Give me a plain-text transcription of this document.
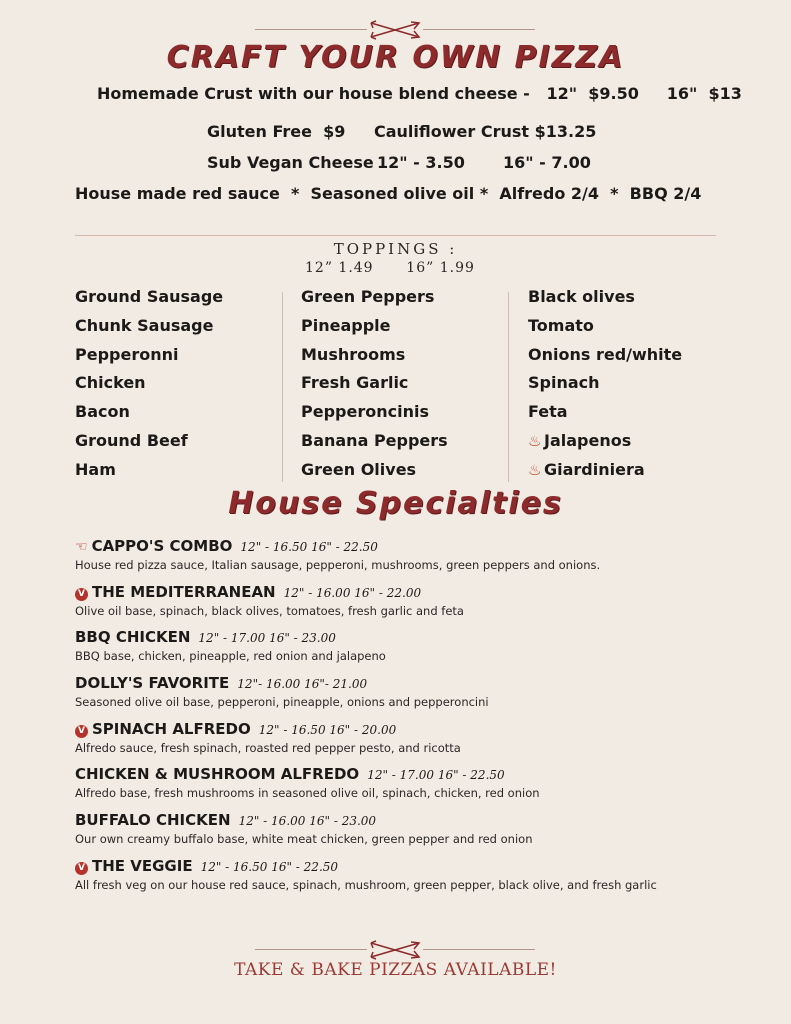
CRAFT YOUR OWN PIZZA
Homemade Crust with our house blend cheese -   12"  $9.50     16"  $13
Gluten Free  $9 Cauliflower Crust $13.25
Sub Vegan Cheese 12" - 3.50 16" - 7.00
House made red sauce  *  Seasoned olive oil *  Alfredo 2/4  *  BBQ 2/4
TOPPINGS :
12” 1.49      16” 1.99
Ground Sausage
Chunk Sausage
Pepperonni
Chicken
Bacon
Ground Beef
Ham
Green Peppers
Pineapple
Mushrooms
Fresh Garlic
Pepperoncinis
Banana Peppers
Green Olives
Black olives
Tomato
Onions red/white
Spinach
Feta
♨ Jalapenos
♨ Giardiniera
House Specialties
☜ CAPPO'S COMBO 12" - 16.50 16" - 22.50
House red pizza sauce, Italian sausage, pepperoni, mushrooms, green peppers and onions.
V THE MEDITERRANEAN 12" - 16.00 16" - 22.00
Olive oil base, spinach, black olives, tomatoes, fresh garlic and feta
BBQ CHICKEN 12" - 17.00 16" - 23.00
BBQ base, chicken, pineapple, red onion and jalapeno
DOLLY'S FAVORITE 12"- 16.00 16"- 21.00
Seasoned olive oil base, pepperoni, pineapple, onions and pepperoncini
V SPINACH ALFREDO 12" - 16.50 16" - 20.00
Alfredo sauce, fresh spinach, roasted red pepper pesto, and ricotta
CHICKEN & MUSHROOM ALFREDO 12" - 17.00 16" - 22.50
Alfredo base, fresh mushrooms in seasoned olive oil, spinach, chicken, red onion
BUFFALO CHICKEN 12" - 16.00 16" - 23.00
Our own creamy buffalo base, white meat chicken, green pepper and red onion
V THE VEGGIE 12" - 16.50 16" - 22.50
All fresh veg on our house red sauce, spinach, mushroom, green pepper, black olive, and fresh garlic
TAKE & BAKE PIZZAS AVAILABLE!
